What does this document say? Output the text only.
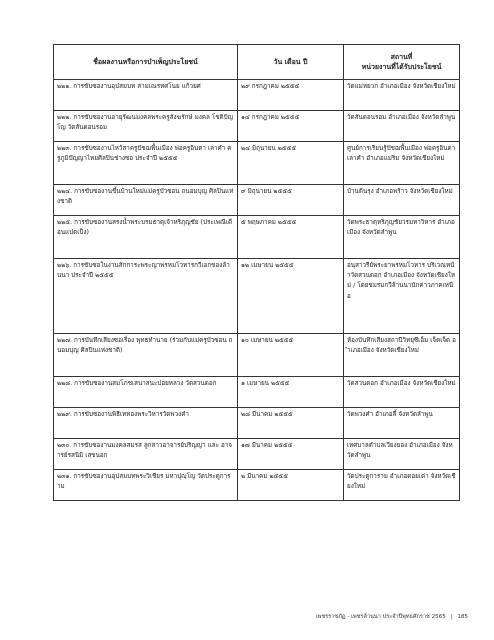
ชื่อผลงานหรือการบำเพ็ญประโยชน์	วัน เดือน ปี	สถานที่
หน่วยงานที่ได้รับประโยชน์
๒๒๑. การขับซองานอุปสมบท สามเณรทศโนย แก้วยศ	๒๙ กรกฎาคม ๒๕๕๕	วัดแม่หยวก อำเภอเมือง จังหวัดเชียงใหม่
๒๒๒. การขับซองานอายุรัฒนมงคลพระครูสังฆรักษ์ มงคล โชติปัญโญ วัดสันดอนรอม	๑๔ กรกฎาคม ๒๕๕๕	วัดสันดอนรอม อำเภอเมือง จังหวัดลำพูน
๒๒๓. การขับซองานไหว้สาครูปัชฌพื้นเมือง พ่อครูอินตา เลาคำ ครูภูมิปัญญาไทยศิลปินช่างซอ ประจำปี ๒๕๕๕	๒๔ มิถุนายน ๒๕๕๕	ศูนย์การเรียนรู้ปัชฌพื้นเมือง พ่อครูอินตา เลาคำ อำเภอแม่ริม จังหวัดเชียงใหม่
๒๒๔. การขับซองานขึ้นบ้านใหม่แม่ครูบัวซอน ถนอมบุญ ศิลปินแห่งชาติ	๙ มิถุนายน ๒๕๕๕	บ้านต้นรุง อำเภอพร้าว จังหวัดเชียงใหม่
๒๒๕. การขับซองานสรงน้ำพระบรมธาตุเจ้าหริภุญชัย (ประเพณีเดือนแปดเป็ง)	๕ พฤษภาคม ๒๕๕๕	วัดพระธาตุหริภุญชัยวรมหาวิหาร อำเภอเมือง จังหวัดลำพูน
๒๒๖. การขับซอในงานสักการะพระญาพรหมโวหารกวีเอกของล้านนา ประจำปี ๒๕๕๕	๑๒ เมษายน ๒๕๕๕	อนุสาวรีย์พระยาพรหมโวหาร บริเวณหน้าวัดสวนดอก อำเภอเมือง จังหวัดเชียงใหม่ / โดยชมรมกวีล้านนานักค่าวภาคเหนือ
๒๒๗. การบันทึกเสียงซอเรื่อง พุทธทำนาย (ร่วมกับแม่ครูบัวซอน ถนอมบุญ ศิลปินแห่งชาติ)	๑๐ เมษายน ๒๕๕๕	ห้องบันทึกเสียงสถานีวิทยุซีเอ็ม เจ็ดเจ็ด อำเภอเมือง จังหวัดเชียงใหม่
๒๒๘. การขับซองานสมโภชเสนาสนะปอยหลวง วัดสวนดอก	๑ เมษายน ๒๕๕๕	วัดสวนดอก อำเภอเมือง จังหวัดเชียงใหม่
๒๒๙. การขับซองานพิธีเททองพระวิหารวัดพวงคำ	๒๘ มีนาคม ๒๕๕๕	วัดพวงคำ อำเภอลี้ จังหวัดลำพูน
๒๓๐. การขับซองานมงคลสมรส ลูกสาวอาจารย์ปริญญา และ อาจารย์รสนิมิ เสขนอก	๑๗ มีนาคม ๒๕๕๕	เทศบาลตำบลเวียงยอง อำเภอเมือง จังหวัดลำพูน
๒๓๑. การขับซองานอุปสมบทพระวิเชียร มหาปุญฺโญ วัดประตูการาม	๒ มีนาคม ๒๕๕๕	วัดประตูการาม อำเภอดอยเต่า จังหวัดเชียงใหม่
เพชรราชภัฏ - เพชรล้านนา ประจำปีพุทธศักราช 2565 | 185
